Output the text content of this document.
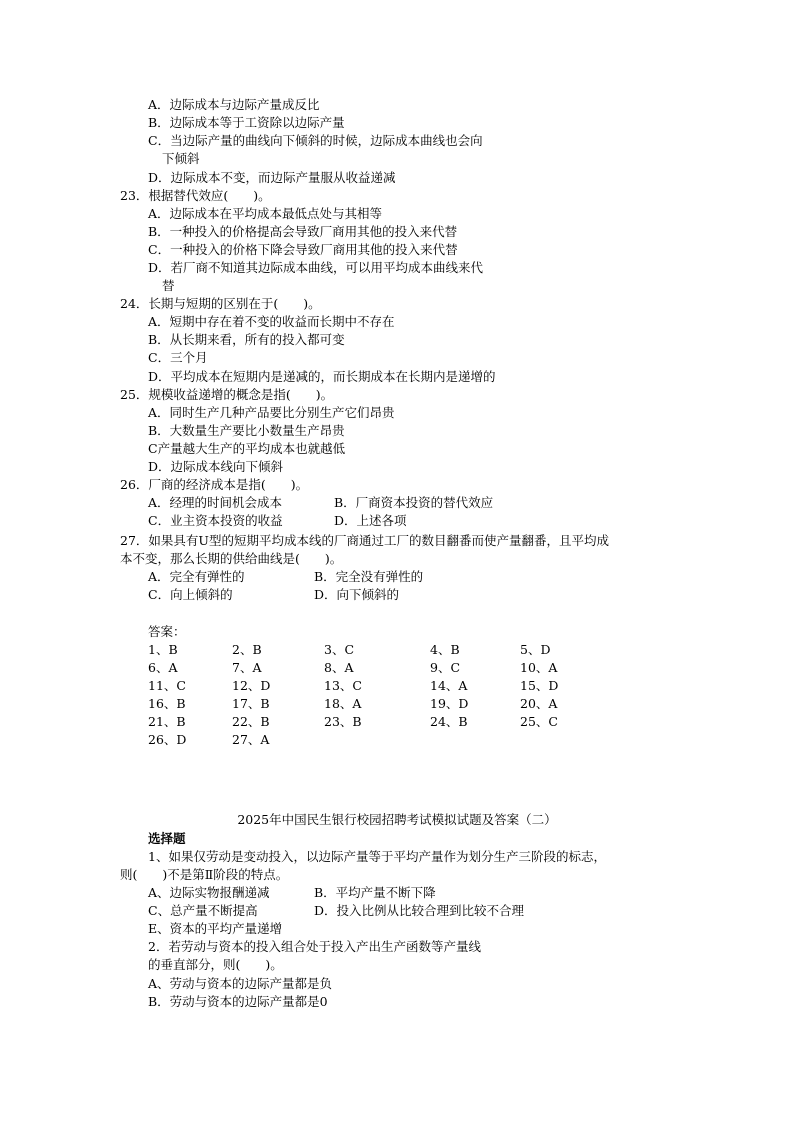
A．边际成本与边际产量成反比
B．边际成本等于工资除以边际产量
C．当边际产量的曲线向下倾斜的时候，边际成本曲线也会向
下倾斜
D．边际成本不变，而边际产量服从收益递减
23．根据替代效应(　　)。
A．边际成本在平均成本最低点处与其相等
B．一种投入的价格提高会导致厂商用其他的投入来代替
C．一种投入的价格下降会导致厂商用其他的投入来代替
D．若厂商不知道其边际成本曲线，可以用平均成本曲线来代
替
24．长期与短期的区别在于(　　)。
A．短期中存在着不变的收益而长期中不存在
B．从长期来看，所有的投入都可变
C．三个月
D．平均成本在短期内是递减的，而长期成本在长期内是递增的
25．规模收益递增的概念是指(　　)。
A．同时生产几种产品要比分别生产它们昂贵
B．大数量生产要比小数量生产昂贵
C产量越大生产的平均成本也就越低
D．边际成本线向下倾斜
26．厂商的经济成本是指(　　)。
A．经理的时间机会成本	B．厂商资本投资的替代效应
C．业主资本投资的收益	D．上述各项
27．如果具有U型的短期平均成本线的厂商通过工厂的数目翻番而使产量翻番，且平均成
本不变，那么长期的供给曲线是(　　)。
A．完全有弹性的	B．完全没有弹性的
C．向上倾斜的	D．向下倾斜的
答案：
1、B	2、B	3、C	4、B	5、D
6、A	7、A	8、A	9、C	10、A
11、C	12、D	13、C	14、A	15、D
16、B	17、B	18、A	19、D	20、A
21、B	22、B	23、B	24、B	25、C
26、D	27、A
2025年中国民生银行校园招聘考试模拟试题及答案（二）
选择题
1、如果仅劳动是变动投入，以边际产量等于平均产量作为划分生产三阶段的标志，
则(　　)不是第Ⅱ阶段的特点。
A、边际实物报酬递减	B．平均产量不断下降
C、总产量不断提高	D．投入比例从比较合理到比较不合理
E、资本的平均产量递增
2．若劳动与资本的投入组合处于投入产出生产函数等产量线
的垂直部分，则(　　)。
A、劳动与资本的边际产量都是负
B．劳动与资本的边际产量都是0
